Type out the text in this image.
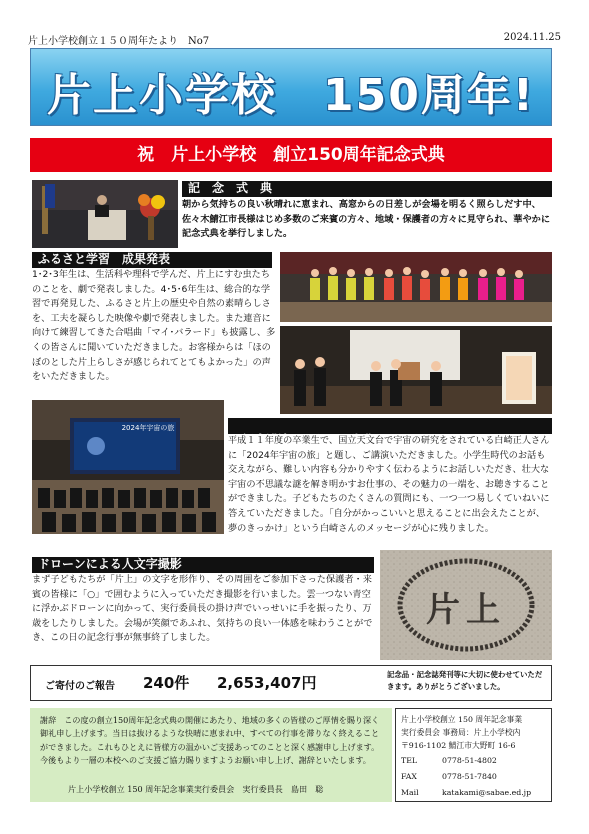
片上小学校創立１５０周年たより　No7	2024.11.25
片上小学校　150周年!
祝　片上小学校　創立150周年記念式典
記　念　式　典
朝から気持ちの良い秋晴れに恵まれ、高窓からの日差しが会場を明るく照らしだす中、佐々木鯖江市長様はじめ多数のご来賓の方々、地域・保護者の方々に見守られ、華やかに記念式典を挙行しました。
ふるさと学習　成果発表
1･2･3年生は、生活科や理科で学んだ、片上にすむ虫たちのことを、劇で発表しました。4･5･6年生は、総合的な学習で再発見した、ふるさと片上の歴史や自然の素晴らしさを、工夫を凝らした映像や劇で発表しました。また連音に向けて練習してきた合唱曲「マイ･バラード」も披露し、多くの皆さんに聞いていただきました。お客様からは「ほのぼのとした片上らしさが感じられてとてもよかった」の声をいただきました。
2024年宇宙の旅

平成１１年度の卒業生で、国立天文台で宇宙の研究をされている白崎正人さんに「2024年宇宙の旅」と題し、ご講演いただきました。小学生時代のお話も交えながら、難しい内容も分かりやすく伝わるようにお話しいただき、壮大な宇宙の不思議な謎を解き明かすお仕事の、その魅力の一端を、お聴きすることができました。子どもたちのたくさんの質問にも、一つ一つ易しくていねいに答えていただきました。「自分がかっこいいと思えることに出会えたことが、夢のきっかけ」という白崎さんのメッセージが心に残りました。
ドローンによる人文字撮影
まず子どもたちが「片上」の文字を形作り、その周囲をご参加下さった保護者・来賓の皆様に「○」で囲むように入っていただき撮影を行いました。雲一つない青空に浮かぶドローンに向かって、実行委員長の掛け声でいっせいに手を振ったり、万歳をしたりしました。会場が笑顔であふれ、気持ちの良い一体感を味わうことができ、この日の記念行事が無事終了しました。
片上
ご寄付のご報告 240件 2,653,407円	記念品・記念誌発刊等に大切に使わせていただきます。ありがとうございました。
謝辞　この度の創立150周年記念式典の開催にあたり、地域の多くの皆様のご厚情を賜り深く御礼申し上げます。当日は抜けるような快晴に恵まれ中、すべての行事を滞りなく終えることができました。これもひとえに皆様方の温かいご支援あってのことと深く感謝申し上げます。今後もより一層の本校へのご支援ご協力賜りますようお願い申し上げ、謝辞といたします。
片上小学校創立 150 周年記念事業実行委員会　実行委員長　島田　聡
片上小学校創立 150 周年記念事業
実行委員会 事務局：片上小学校内
〒916-1102 鯖江市大野町 16-6
TEL	0778-51-4802
FAX	0778-51-7840
Mail	katakami@sabae.ed.jp
